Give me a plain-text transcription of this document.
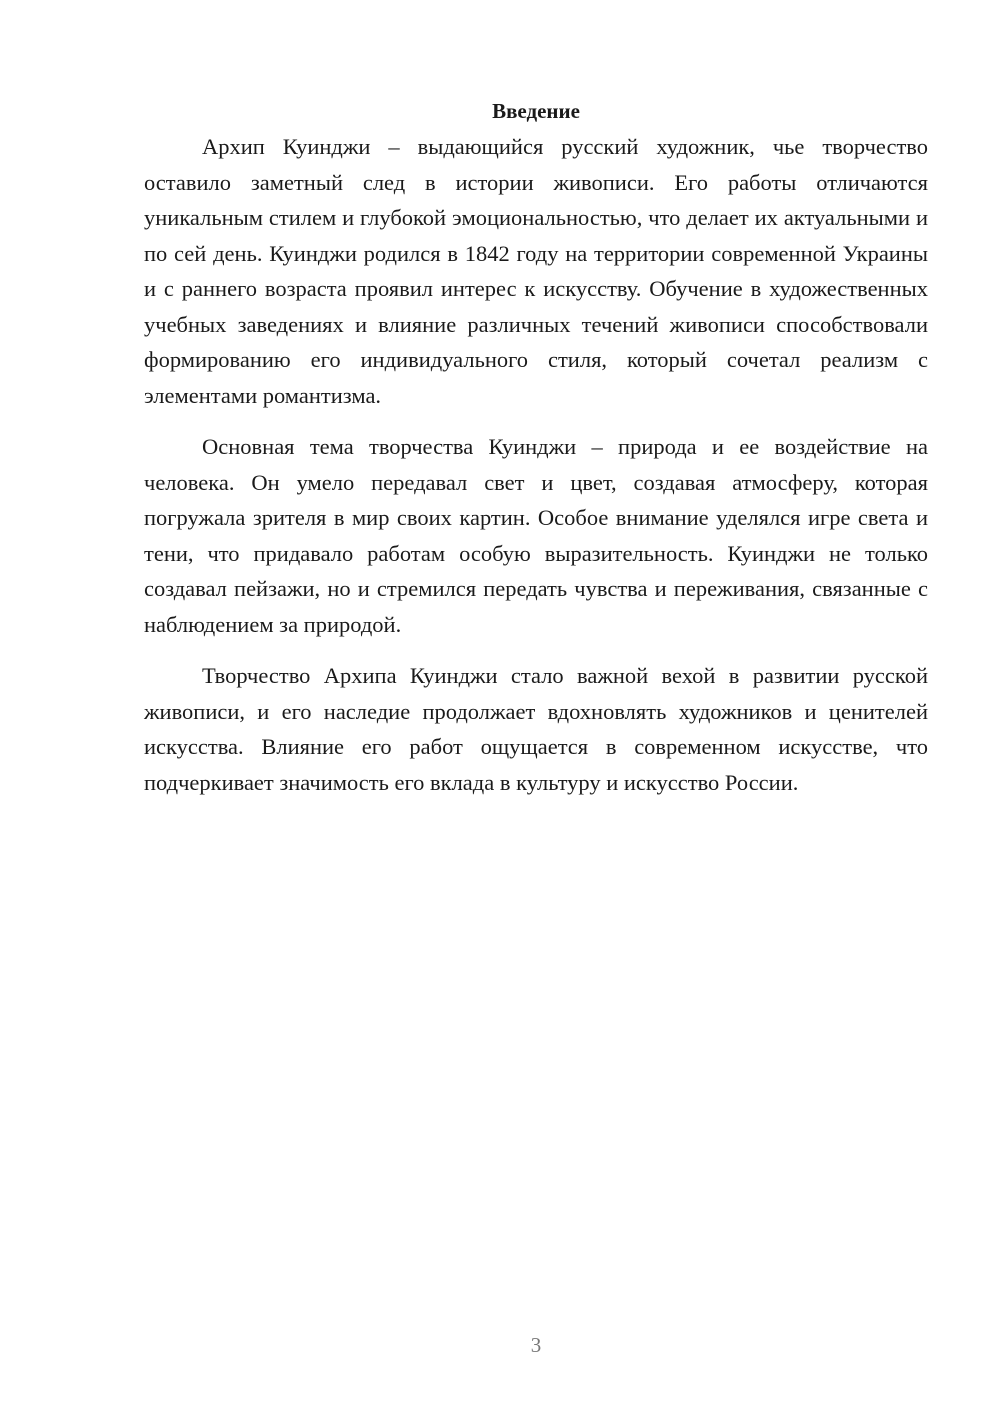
Введение

Архип Куинджи – выдающийся русский художник, чье творчество оставило заметный след в истории живописи. Его работы отличаются уникальным стилем и глубокой эмоциональностью, что делает их актуальными и по сей день. Куинджи родился в 1842 году на территории современной Украины и с раннего возраста проявил интерес к искусству. Обучение в художественных учебных заведениях и влияние различных течений живописи способствовали формированию его индивидуального стиля, который сочетал реализм с элементами романтизма.

Основная тема творчества Куинджи – природа и ее воздействие на человека. Он умело передавал свет и цвет, создавая атмосферу, которая погружала зрителя в мир своих картин. Особое внимание уделялся игре света и тени, что придавало работам особую выразительность. Куинджи не только создавал пейзажи, но и стремился передать чувства и переживания, связанные с наблюдением за природой.

Творчество Архипа Куинджи стало важной вехой в развитии русской живописи, и его наследие продолжает вдохновлять художников и ценителей искусства. Влияние его работ ощущается в современном искусстве, что подчеркивает значимость его вклада в культуру и искусство России.

3
